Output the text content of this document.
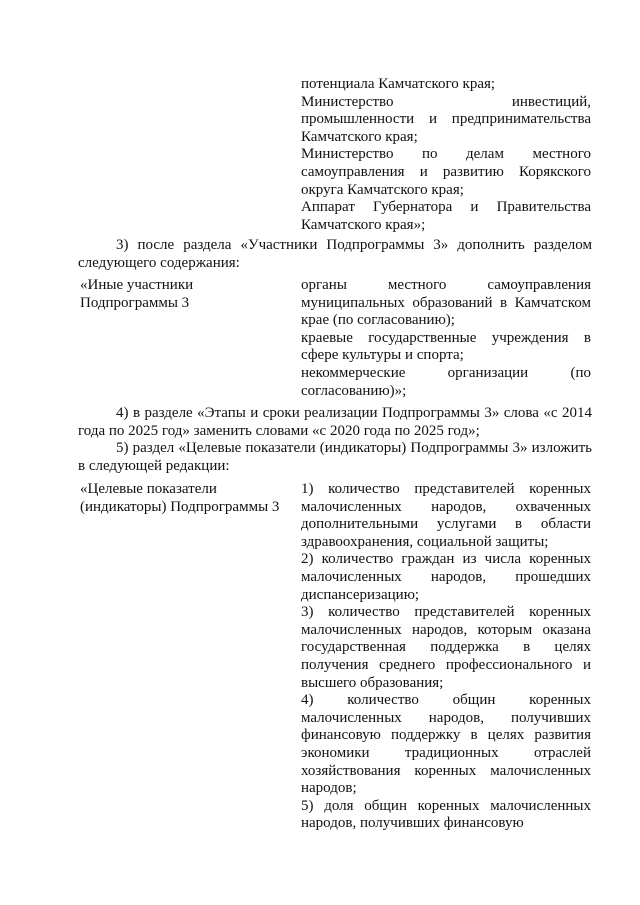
потенциала Камчатского края;

Министерство инвестиций, промышленности и предпринимательства Камчатского края;

Министерство по делам местного самоуправления и развитию Корякского округа Камчатского края;

Аппарат Губернатора и Правительства Камчатского края»;

3) после раздела «Участники Подпрограммы 3» дополнить разделом следующего содержания:

«Иные участники Подпрограммы 3

органы местного самоуправления муниципальных образований в Камчатском крае (по согласованию);

краевые государственные учреждения в сфере культуры и спорта;

некоммерческие организации (по согласованию)»;

4) в разделе «Этапы и сроки реализации Подпрограммы 3» слова «с 2014 года по 2025 год» заменить словами «с 2020 года по 2025 год»;

5) раздел «Целевые показатели (индикаторы) Подпрограммы 3» изложить в следующей редакции:

«Целевые показатели (индикаторы) Подпрограммы 3

1) количество представителей коренных малочисленных народов, охваченных дополнительными услугами в области здравоохранения, социальной защиты;

2) количество граждан из числа коренных малочисленных народов, прошедших диспансеризацию;

3) количество представителей коренных малочисленных народов, которым оказана государственная поддержка в целях получения среднего профессионального и высшего образования;

4) количество общин коренных малочисленных народов, получивших финансовую поддержку в целях развития экономики традиционных отраслей хозяйствования коренных малочисленных народов;

5) доля общин коренных малочисленных народов, получивших финансовую
